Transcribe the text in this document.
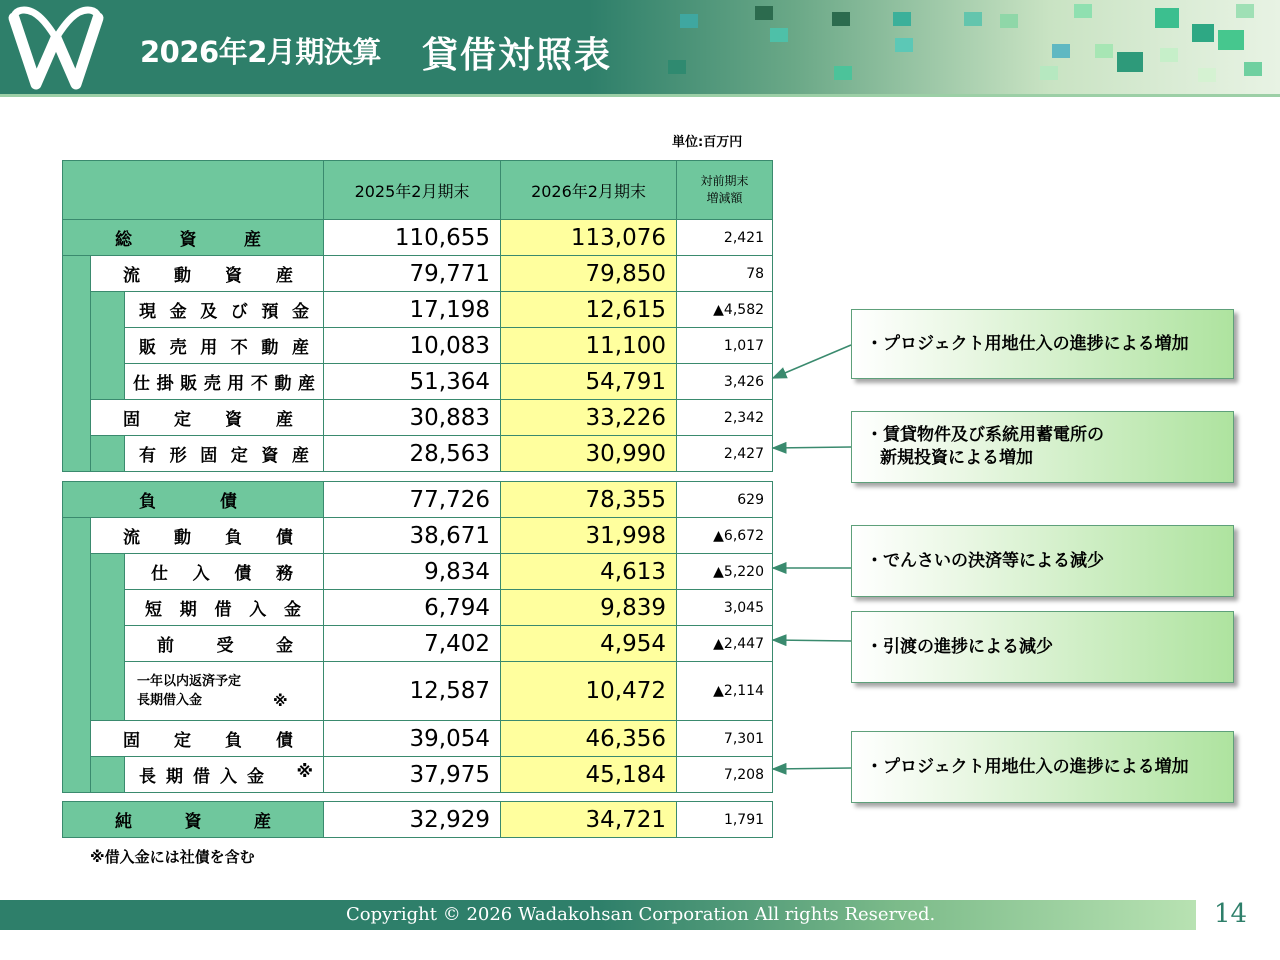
2026年2月期決算 貸借対照表
単位:百万円
			2025年2月期末	2026年2月期末	対前期末
増減額

総　　資　　産			110,655	113,076	2,421

	流　動　資　産		79,771	79,850	78

		現金及び預金	17,198	12,615	▲4,582

		販売用不動産	10,083	11,100	1,017

		仕掛販売用不動産	51,364	54,791	3,426

	固　定　資　産		30,883	33,226	2,342

		有形固定資産	28,563	30,990	2,427
負　　債			77,726	78,355	629

	流　動　負　債		38,671	31,998	▲6,672

		仕　入　債　務	9,834	4,613	▲5,220

		短期借入金	6,794	9,839	3,045

		前　受　金	7,402	4,954	▲2,447
		一年以内返済予定
長期借入金 ※	12,587	10,472	▲2,114

	固　定　負　債		39,054	46,356	7,301

		長期借入金 ※	37,975	45,184	7,208
純　　資　　産	32,929	34,721	1,791
※借入金には社債を含む
・プロジェクト用地仕入の進捗による増加
・賃貸物件及び系統用蓄電所の
新規投資による増加
・でんさいの決済等による減少
・引渡の進捗による減少
・プロジェクト用地仕入の進捗による増加
Copyright © 2026 Wadakohsan Corporation All rights Reserved.	14
